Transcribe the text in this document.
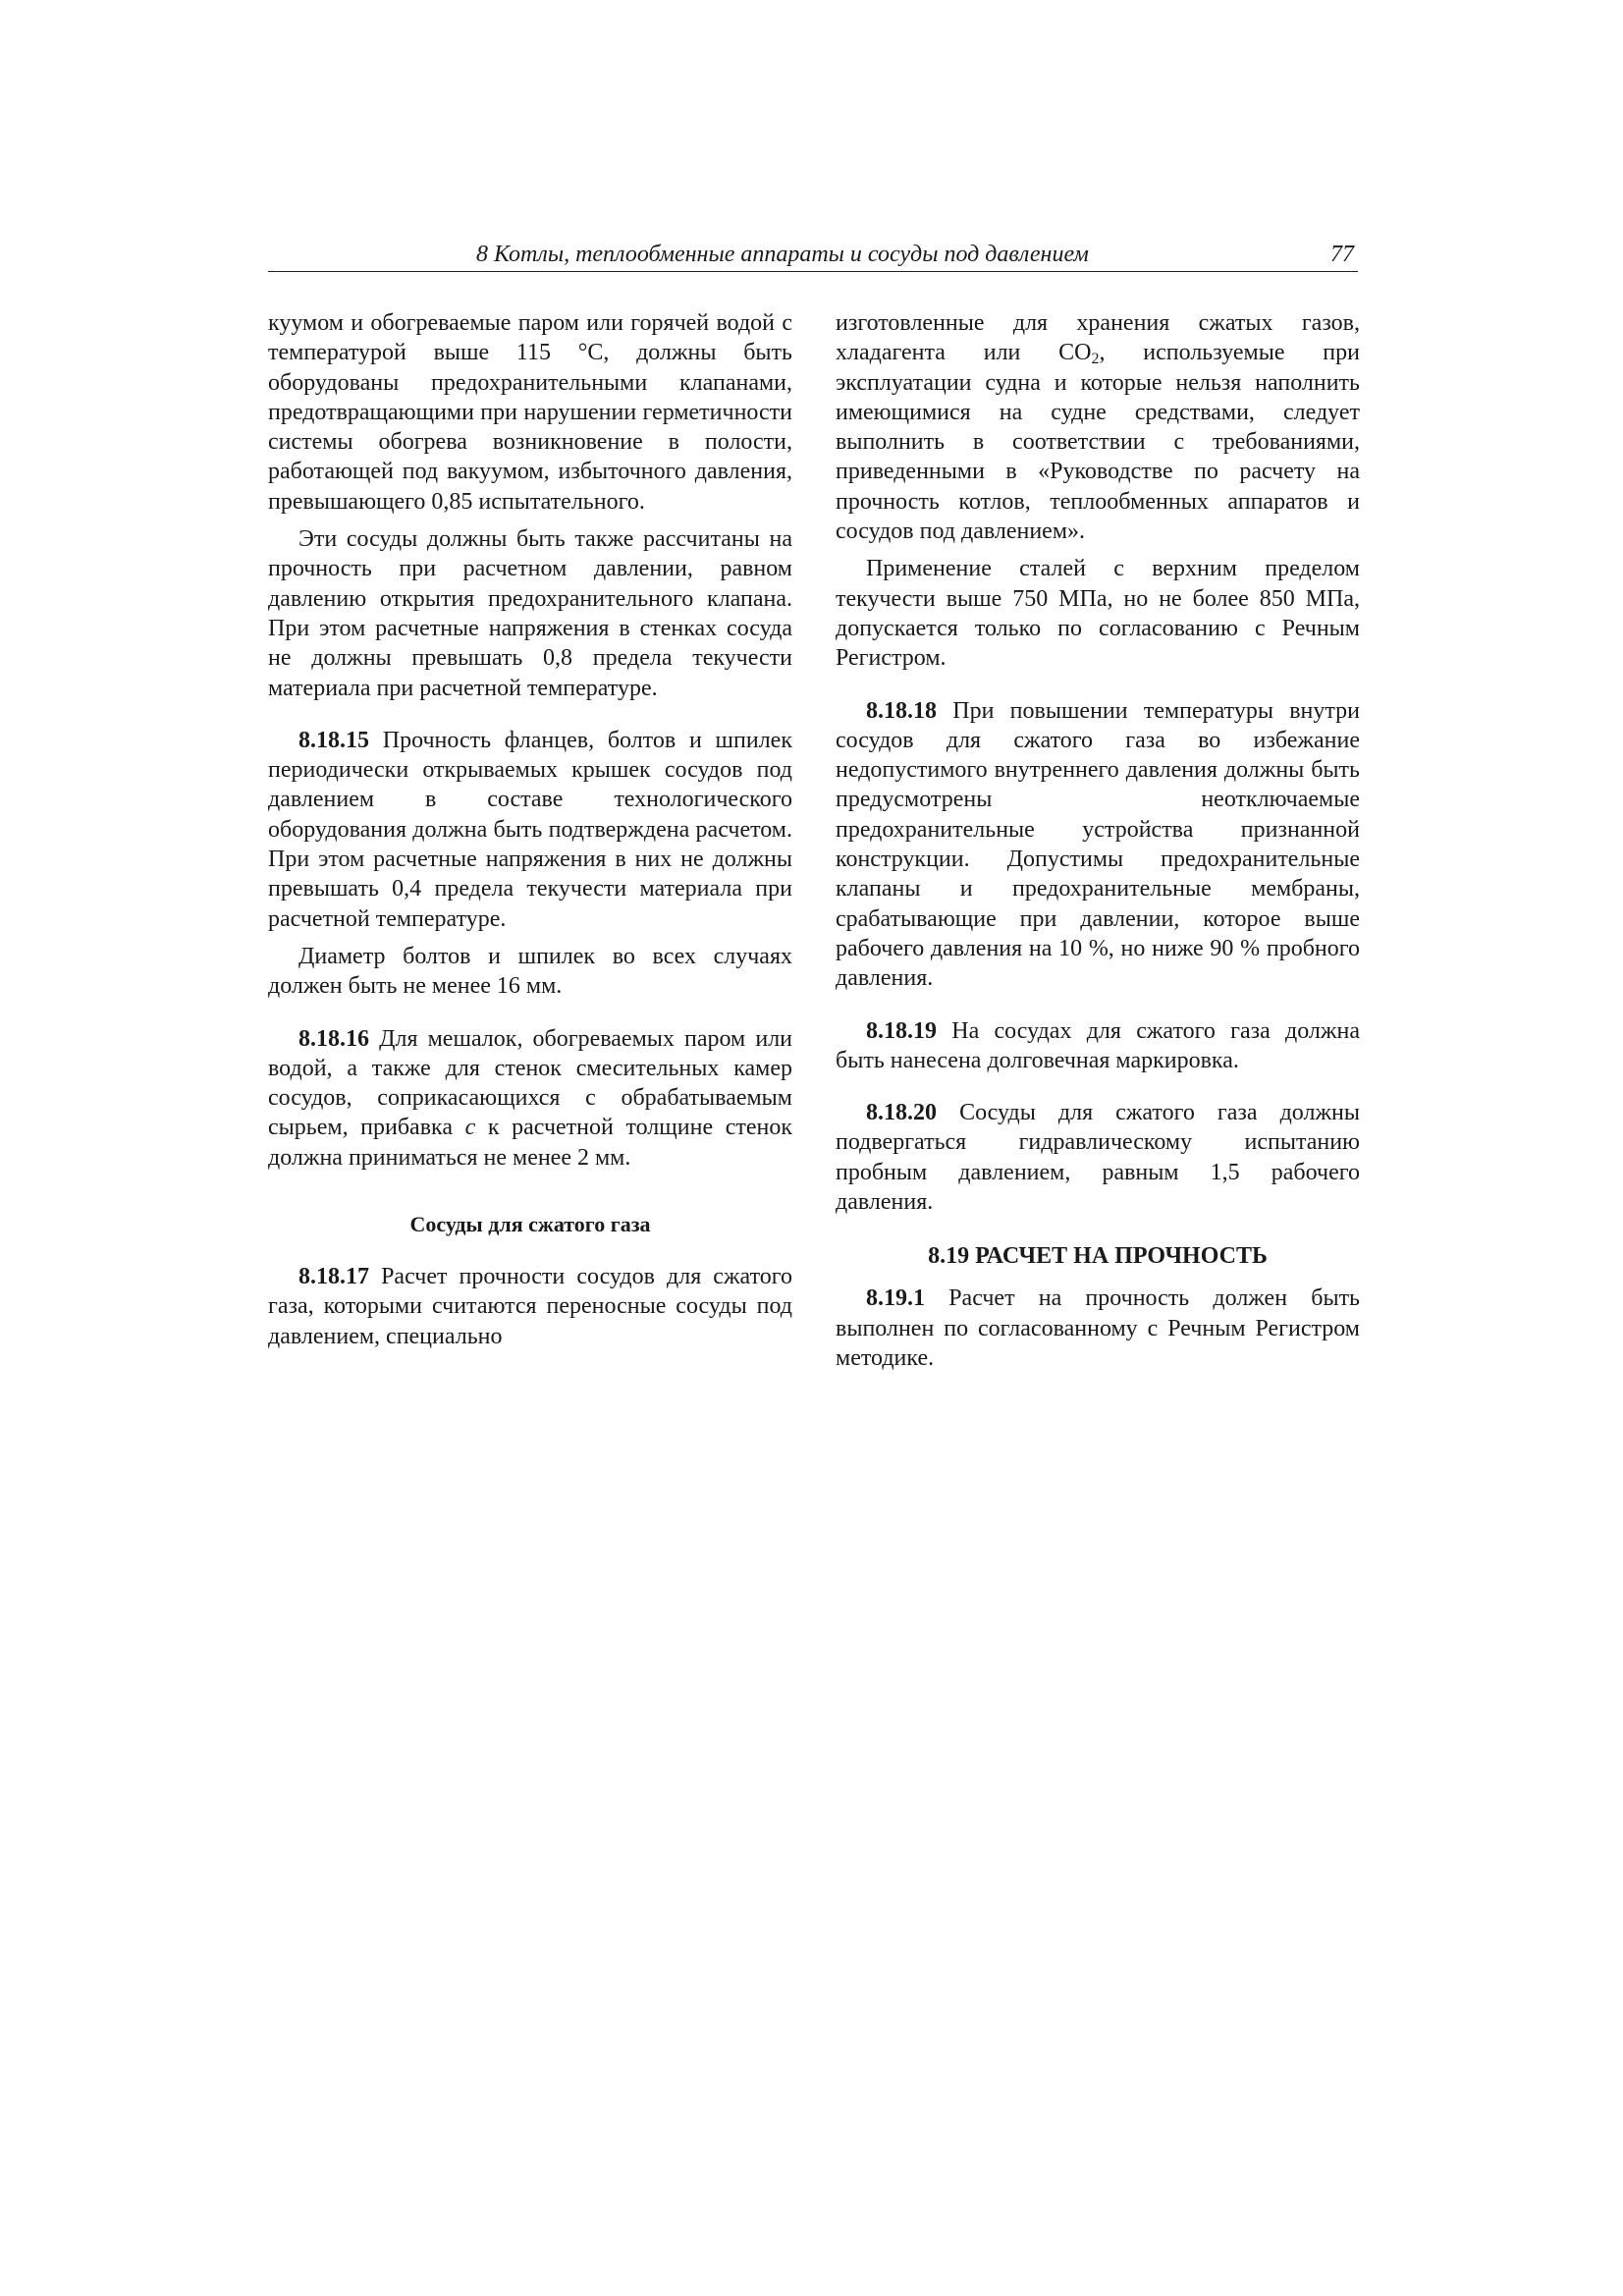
8 Котлы, теплообменные аппараты и сосуды под давлением	77

куумом и обогреваемые паром или горячей водой с температурой выше 115 °С, должны быть оборудованы предохранительными клапанами, предотвращающими при нарушении герметичности системы обогрева возникновение в полости, работающей под вакуумом, избыточного давления, превышающего 0,85 испытательного.

Эти сосуды должны быть также рассчитаны на прочность при расчетном давлении, равном давлению открытия предохранительного клапана. При этом расчетные напряжения в стенках сосуда не должны превышать 0,8 предела текучести материала при расчетной температуре.

8.18.15 Прочность фланцев, болтов и шпилек периодически открываемых крышек сосудов под давлением в составе технологического оборудования должна быть подтверждена расчетом. При этом расчетные напряжения в них не должны превышать 0,4 предела текучести материала при расчетной температуре.

Диаметр болтов и шпилек во всех случаях должен быть не менее 16 мм.

8.18.16 Для мешалок, обогреваемых паром или водой, а также для стенок смесительных камер сосудов, соприкасающихся с обрабатываемым сырьем, прибавка c к расчетной толщине стенок должна приниматься не менее 2 мм.

Сосуды для сжатого газа

8.18.17 Расчет прочности сосудов для сжатого газа, которыми считаются переносные сосуды под давлением, специально

изготовленные для хранения сжатых газов, хладагента или $CO_2$, используемые при эксплуатации судна и которые нельзя наполнить имеющимися на судне средствами, следует выполнить в соответствии с требованиями, приведенными в «Руководстве по расчету на прочность котлов, теплообменных аппаратов и сосудов под давлением».

Применение сталей с верхним пределом текучести выше 750 МПа, но не более 850 МПа, допускается только по согласованию с Речным Регистром.

8.18.18 При повышении температуры внутри сосудов для сжатого газа во избежание недопустимого внутреннего давления должны быть предусмотрены неотключаемые предохранительные устройства признанной конструкции. Допустимы предохранительные клапаны и предохранительные мембраны, срабатывающие при давлении, которое выше рабочего давления на 10 %, но ниже 90 % пробного давления.

8.18.19 На сосудах для сжатого газа должна быть нанесена долговечная маркировка.

8.18.20 Сосуды для сжатого газа должны подвергаться гидравлическому испытанию пробным давлением, равным 1,5 рабочего давления.

8.19 РАСЧЕТ НА ПРОЧНОСТЬ

8.19.1 Расчет на прочность должен быть выполнен по согласованному с Речным Регистром методике.
